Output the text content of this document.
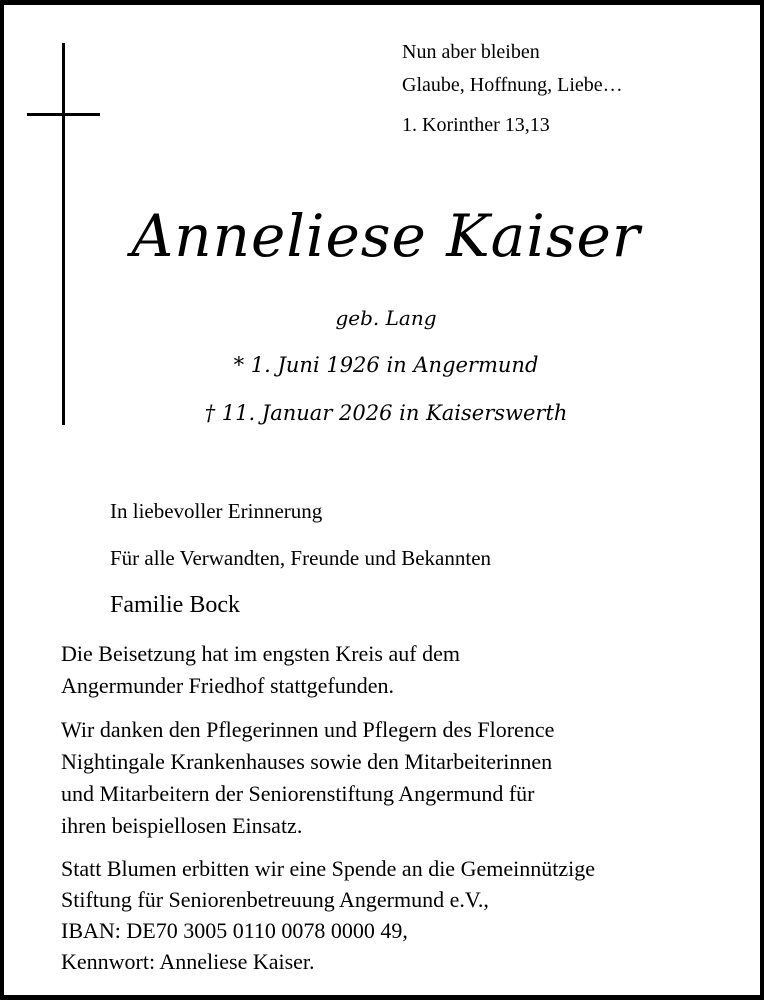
Nun aber bleiben

Glaube, Hoffnung, Liebe…

1. Korinther 13,13

Anneliese Kaiser

geb. Lang

* 1. Juni 1926 in Angermund

† 11. Januar 2026 in Kaiserswerth

In liebevoller Erinnerung

Für alle Verwandten, Freunde und Bekannten

Familie Bock

Die Beisetzung hat im engsten Kreis auf dem
Angermunder Friedhof stattgefunden.
Wir danken den Pflegerinnen und Pflegern des Florence
Nightingale Krankenhauses sowie den Mitarbeiterinnen
und Mitarbeitern der Seniorenstiftung Angermund für
ihren beispiellosen Einsatz.
Statt Blumen erbitten wir eine Spende an die Gemeinnützige
Stiftung für Seniorenbetreuung Angermund e.V.,
IBAN: DE70 3005 0110 0078 0000 49,
Kennwort: Anneliese Kaiser.
